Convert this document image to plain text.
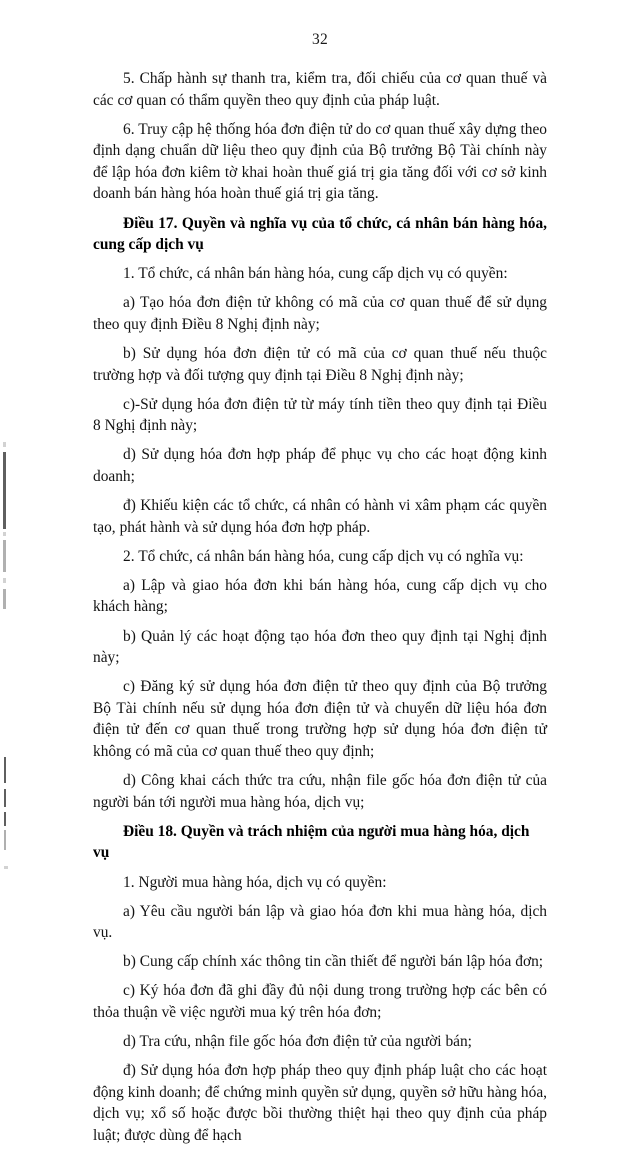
32

5. Chấp hành sự thanh tra, kiểm tra, đối chiếu của cơ quan thuế và các cơ quan có thẩm quyền theo quy định của pháp luật.

6. Truy cập hệ thống hóa đơn điện tử do cơ quan thuế xây dựng theo định dạng chuẩn dữ liệu theo quy định của Bộ trưởng Bộ Tài chính này để lập hóa đơn kiêm tờ khai hoàn thuế giá trị gia tăng đối với cơ sở kinh doanh bán hàng hóa hoàn thuế giá trị gia tăng.

Điều 17. Quyền và nghĩa vụ của tổ chức, cá nhân bán hàng hóa, cung cấp dịch vụ

1. Tổ chức, cá nhân bán hàng hóa, cung cấp dịch vụ có quyền:

a) Tạo hóa đơn điện tử không có mã của cơ quan thuế để sử dụng theo quy định Điều 8 Nghị định này;

b) Sử dụng hóa đơn điện tử có mã của cơ quan thuế nếu thuộc trường hợp và đối tượng quy định tại Điều 8 Nghị định này;

c)-Sử dụng hóa đơn điện tử từ máy tính tiền theo quy định tại Điều 8 Nghị định này;

d) Sử dụng hóa đơn hợp pháp để phục vụ cho các hoạt động kinh doanh;

đ) Khiếu kiện các tổ chức, cá nhân có hành vi xâm phạm các quyền tạo, phát hành và sử dụng hóa đơn hợp pháp.

2. Tổ chức, cá nhân bán hàng hóa, cung cấp dịch vụ có nghĩa vụ:

a) Lập và giao hóa đơn khi bán hàng hóa, cung cấp dịch vụ cho khách hàng;

b) Quản lý các hoạt động tạo hóa đơn theo quy định tại Nghị định này;

c) Đăng ký sử dụng hóa đơn điện tử theo quy định của Bộ trưởng Bộ Tài chính nếu sử dụng hóa đơn điện tử và chuyển dữ liệu hóa đơn điện tử đến cơ quan thuế trong trường hợp sử dụng hóa đơn điện tử không có mã của cơ quan thuế theo quy định;

d) Công khai cách thức tra cứu, nhận file gốc hóa đơn điện tử của người bán tới người mua hàng hóa, dịch vụ;

Điều 18. Quyền và trách nhiệm của người mua hàng hóa, dịch vụ

1. Người mua hàng hóa, dịch vụ có quyền:

a) Yêu cầu người bán lập và giao hóa đơn khi mua hàng hóa, dịch vụ.

b) Cung cấp chính xác thông tin cần thiết để người bán lập hóa đơn;

c) Ký hóa đơn đã ghi đầy đủ nội dung trong trường hợp các bên có thỏa thuận về việc người mua ký trên hóa đơn;

d) Tra cứu, nhận file gốc hóa đơn điện tử của người bán;

đ) Sử dụng hóa đơn hợp pháp theo quy định pháp luật cho các hoạt động kinh doanh; để chứng minh quyền sử dụng, quyền sở hữu hàng hóa, dịch vụ; xổ số hoặc được bồi thường thiệt hại theo quy định của pháp luật; được dùng để hạch
